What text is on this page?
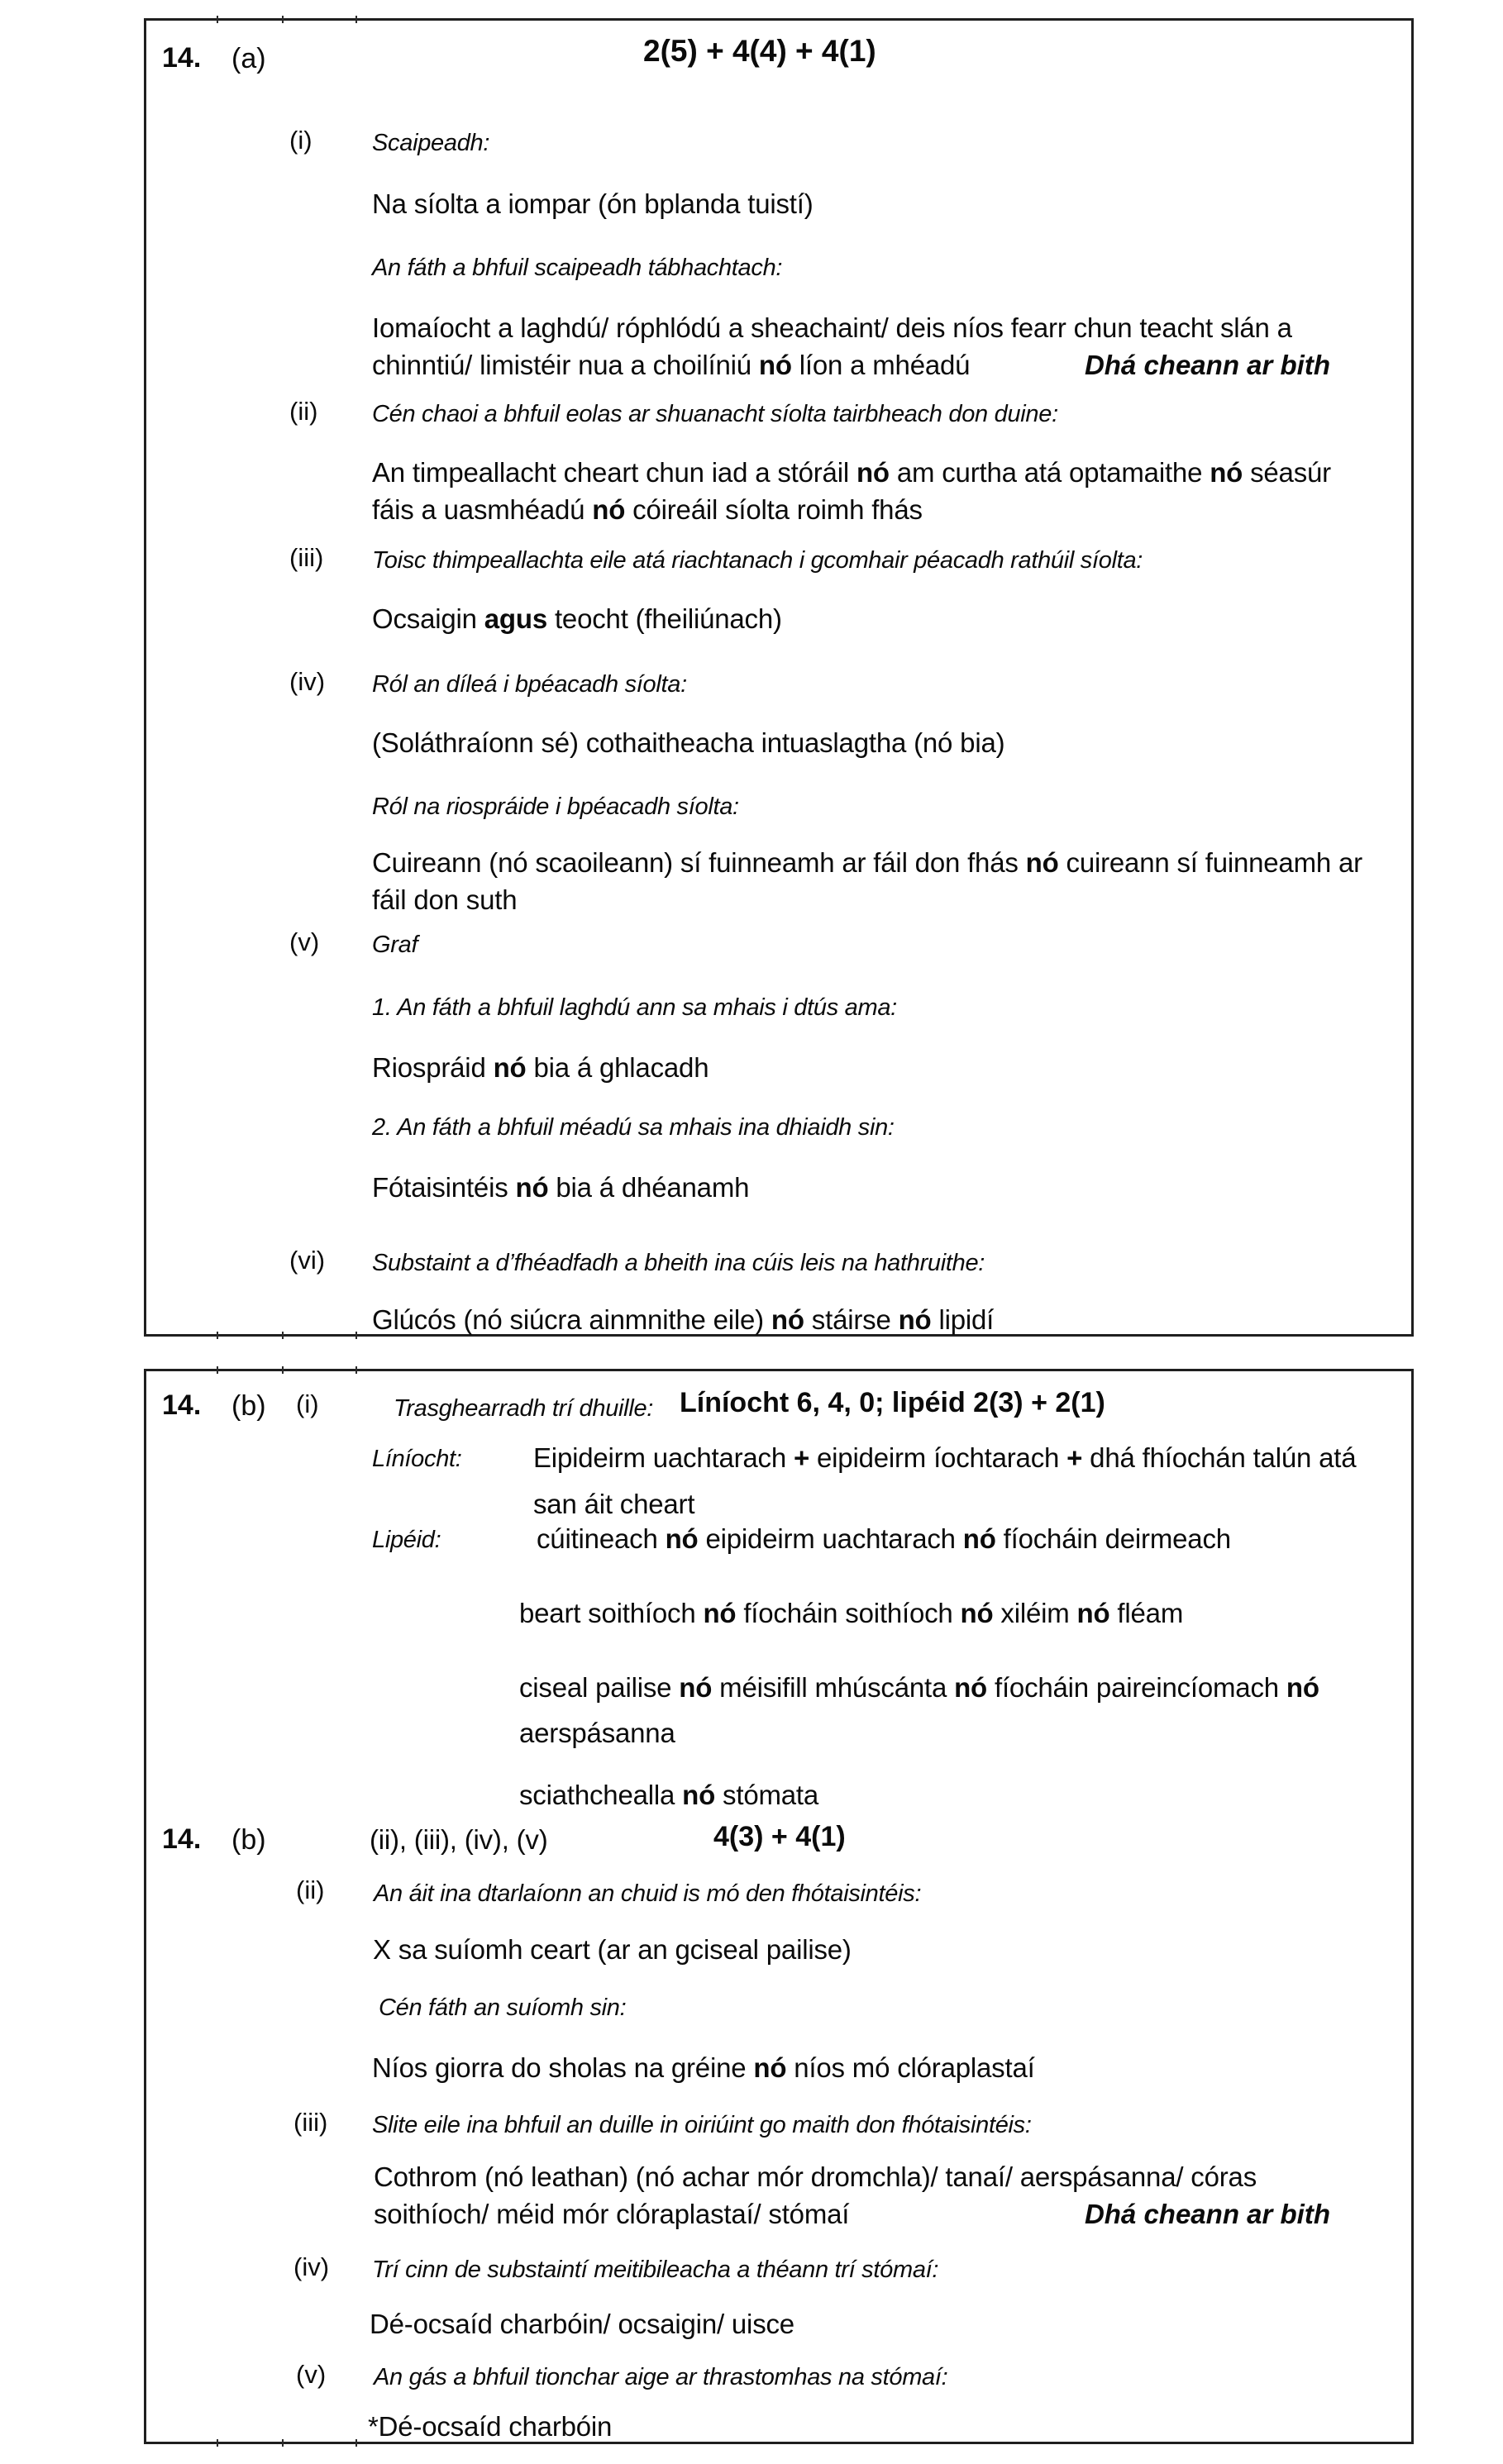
14. (a)	2(5) + 4(4) + 4(1)
(i) Scaipeadh:
Na síolta a iompar (ón bplanda tuistí)
An fáth a bhfuil scaipeadh tábhachtach:
Iomaíocht a laghdú/ róphlódú a sheachaint/ deis níos fearr chun teacht slán a
chinntiú/ limistéir nua a choilíniú nó líon a mhéadú	Dhá cheann ar bith
(ii) Cén chaoi a bhfuil eolas ar shuanacht síolta tairbheach don duine:
An timpeallacht cheart chun iad a stóráil nó am curtha atá optamaithe nó séasúr
fáis a uasmhéadú nó cóireáil síolta roimh fhás
(iii) Toisc thimpeallachta eile atá riachtanach i gcomhair péacadh rathúil síolta:
Ocsaigin agus teocht (fheiliúnach)
(iv) Ról an díleá i bpéacadh síolta:
(Soláthraíonn sé) cothaitheacha intuaslagtha (nó bia)
Ról na riospráide i bpéacadh síolta:
Cuireann (nó scaoileann) sí fuinneamh ar fáil don fhás nó cuireann sí fuinneamh ar
fáil don suth
(v) Graf
1. An fáth a bhfuil laghdú ann sa mhais i dtús ama:
Riospráid nó bia á ghlacadh
2. An fáth a bhfuil méadú sa mhais ina dhiaidh sin:
Fótaisintéis nó bia á dhéanamh
(vi) Substaint a d’fhéadfadh a bheith ina cúis leis na hathruithe:
Glúcós (nó siúcra ainmnithe eile) nó stáirse nó lipidí
14. (b) (i)	Trasghearradh trí dhuille: Líníocht 6, 4, 0; lipéid 2(3) + 2(1)
Líníocht:	Eipideirm uachtarach + eipideirm íochtarach + dhá fhíochán talún atá
san áit cheart
Lipéid:	cúitineach nó eipideirm uachtarach nó fíocháin deirmeach
beart soithíoch nó fíocháin soithíoch nó xiléim nó fléam
ciseal pailise nó méisifill mhúscánta nó fíocháin paireincíomach nó
aerspásanna
sciathchealla nó stómata
14. (b)	(ii), (iii), (iv), (v)	4(3) + 4(1)
(ii) An áit ina dtarlaíonn an chuid is mó den fhótaisintéis:
X sa suíomh ceart (ar an gciseal pailise)
Cén fáth an suíomh sin:
Níos giorra do sholas na gréine nó níos mó clóraplastaí
(iii) Slite eile ina bhfuil an duille in oiriúint go maith don fhótaisintéis:
Cothrom (nó leathan) (nó achar mór dromchla)/ tanaí/ aerspásanna/ córas
soithíoch/ méid mór clóraplastaí/ stómaí	Dhá cheann ar bith
(iv) Trí cinn de substaintí meitibileacha a théann trí stómaí:
Dé-ocsaíd charbóin/ ocsaigin/ uisce
(v) An gás a bhfuil tionchar aige ar thrastomhas na stómaí:
*Dé-ocsaíd charbóin
